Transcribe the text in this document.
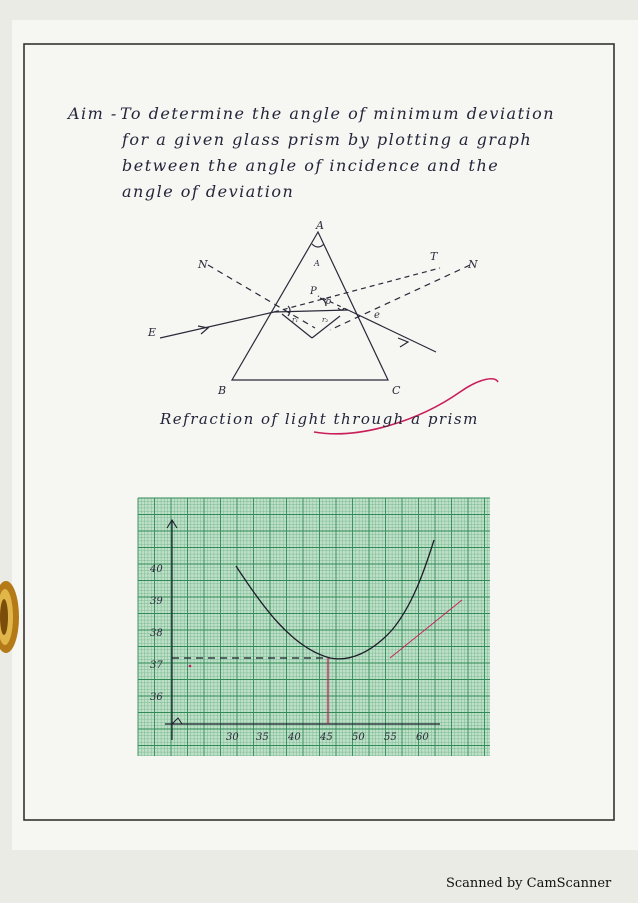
A
B	C
N	N
T
E
P
δ
A
r₁	r₂	e
40
39
38
37
36
30 35 40 45 50 55 60
Aim - To determine the angle of minimum deviation
for a given glass prism by plotting a graph
between the angle of incidence and the
angle of deviation
Refraction of light through a prism
Scanned by CamScanner
